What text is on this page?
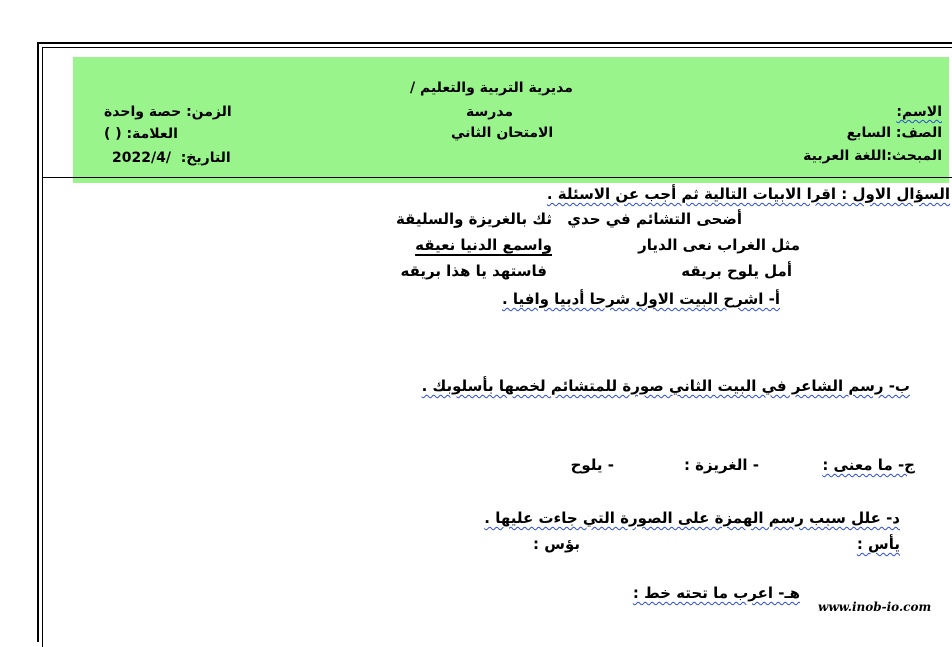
مديرية التربية والتعليم /
مدرسة
الامتحان الثاني
الاسم:
الصف: السابع
المبحث:اللغة العربية
الزمن: حصة واحدة
العلامة: ( )
التاريخ:  2022/4/
السؤال الاول : اقرا الابيات التالية ثم أجب عن الاسئلة .
أضحى التشائم في حدي
ثك بالغريزة والسليقة
مثل الغراب نعى الديار
واسمع الدنيا نعيقه
أمل يلوح بريقه
فاستهد يا هذا بريقه
أ- اشرح البيت الاول شرحا أدبيا وافيا .
ب- رسم الشاعر في البيت الثاني صورة للمتشائم لخصها بأسلوبك .
ج- ما معنى :
- الغريزة :
- يلوح
د- علل سبب رسم الهمزة على الصورة التي جاءت عليها .
يأس :
بؤس :
هـ- اعرب ما تحته خط :
www.inob-io.com
